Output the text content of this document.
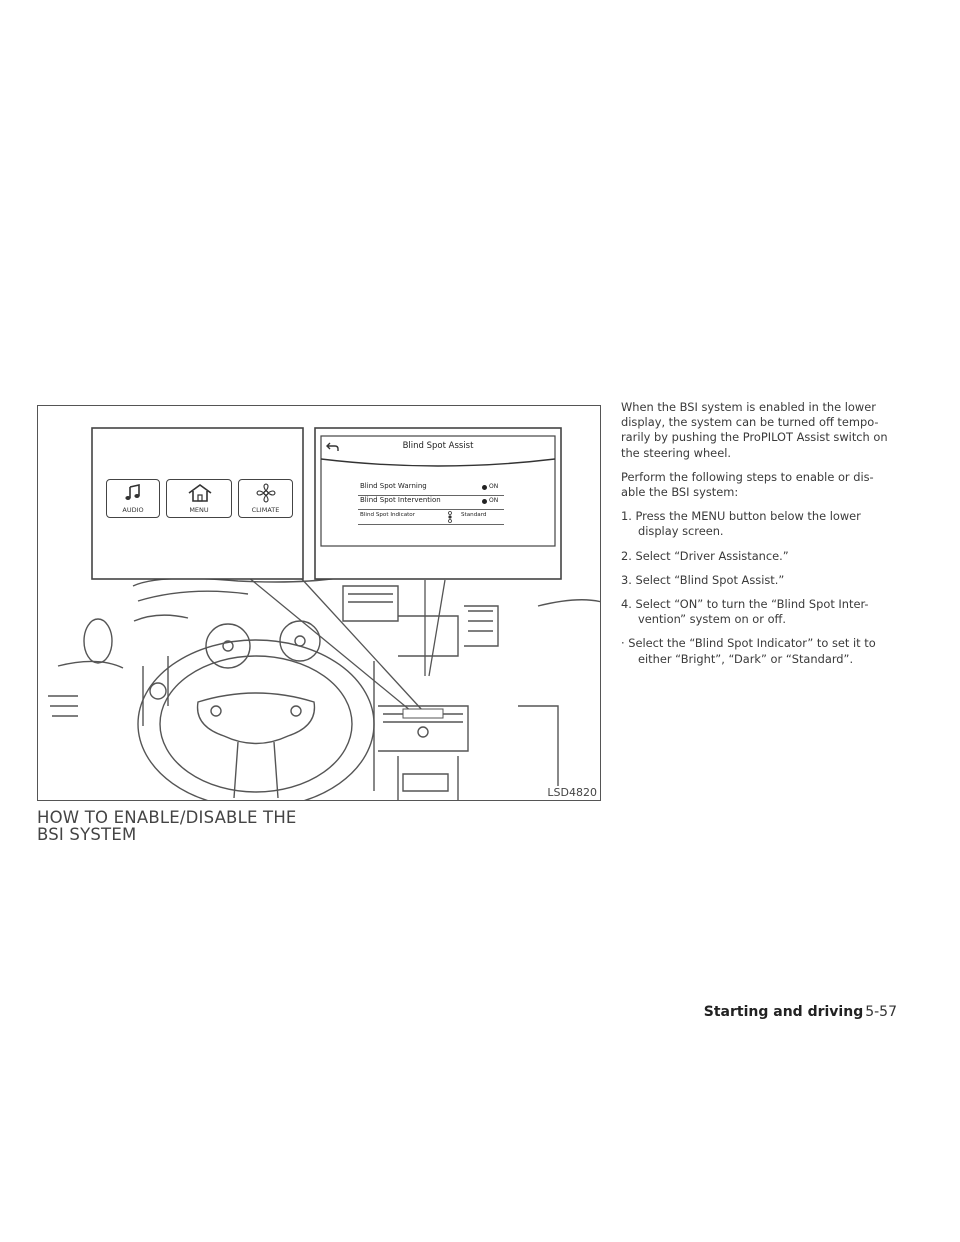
AUDIO	MENU	CLIMATE
Blind Spot Assist
Blind Spot Warning	ON
Blind Spot Intervention	ON
Blind Spot Indicator	Standard
LSD4820
HOW TO ENABLE/DISABLE THE
BSI SYSTEM

When the BSI system is enabled in the lower display, the system can be turned off tempo- rarily by pushing the ProPILOT Assist switch on the steering wheel.

Perform the following steps to enable or dis- able the BSI system:

1. Press the MENU button below the lower display screen.

2. Select “Driver Assistance.”

3. Select “Blind Spot Assist.”

4. Select “ON” to turn the “Blind Spot Inter- vention” system on or off.

· Select the “Blind Spot Indicator” to set it to either “Bright”, “Dark” or “Standard”.

Starting and driving 5-57
